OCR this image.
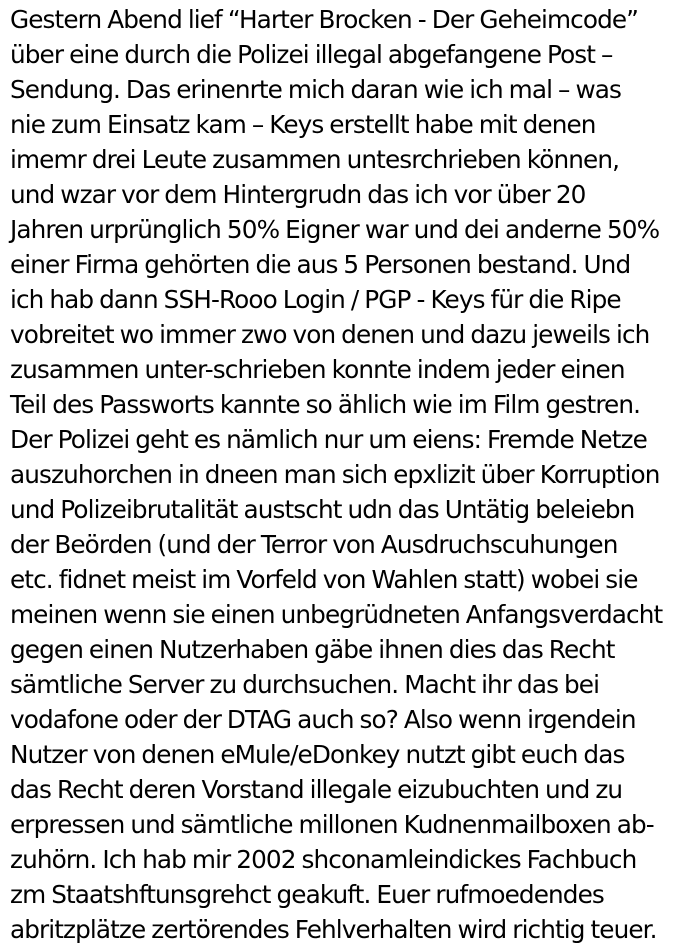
Gestern Abend lief “Harter Brocken - Der Geheimcode”
über eine durch die Polizei illegal abgefangene Post –
Sendung. Das erinenrte mich daran wie ich mal – was
nie zum Einsatz kam – Keys erstellt habe mit denen
imemr drei Leute zusammen untesrchrieben können,
und wzar vor dem Hintergrudn das ich vor über 20
Jahren urprünglich 50% Eigner war und dei anderne 50%
einer Firma gehörten die aus 5 Personen bestand. Und
ich hab dann SSH-Rooo Login / PGP - Keys für die Ripe
vobreitet wo immer zwo von denen und dazu jeweils ich
zusammen unter-schrieben konnte indem jeder einen
Teil des Passworts kannte so ählich wie im Film gestren.
Der Polizei geht es nämlich nur um eiens: Fremde Netze
auszuhorchen in dneen man sich epxlizit über Korruption
und Polizeibrutalität austscht udn das Untätig beleiebn
der Beörden (und der Terror von Ausdruchscuhungen
etc. fidnet meist im Vorfeld von Wahlen statt) wobei sie
meinen wenn sie einen unbegrüdneten Anfangsverdacht
gegen einen Nutzerhaben gäbe ihnen dies das Recht
sämtliche Server zu durchsuchen. Macht ihr das bei
vodafone oder der DTAG auch so? Also wenn irgendein
Nutzer von denen eMule/eDonkey nutzt gibt euch das
das Recht deren Vorstand illegale eizubuchten und zu
erpressen und sämtliche millonen Kudnenmailboxen ab-
zuhörn. Ich hab mir 2002 shconamleindickes Fachbuch
zm Staatshftunsgrehct geakuft. Euer rufmoedendes
abritzplätze zertörendes Fehlverhalten wird richtig teuer.
